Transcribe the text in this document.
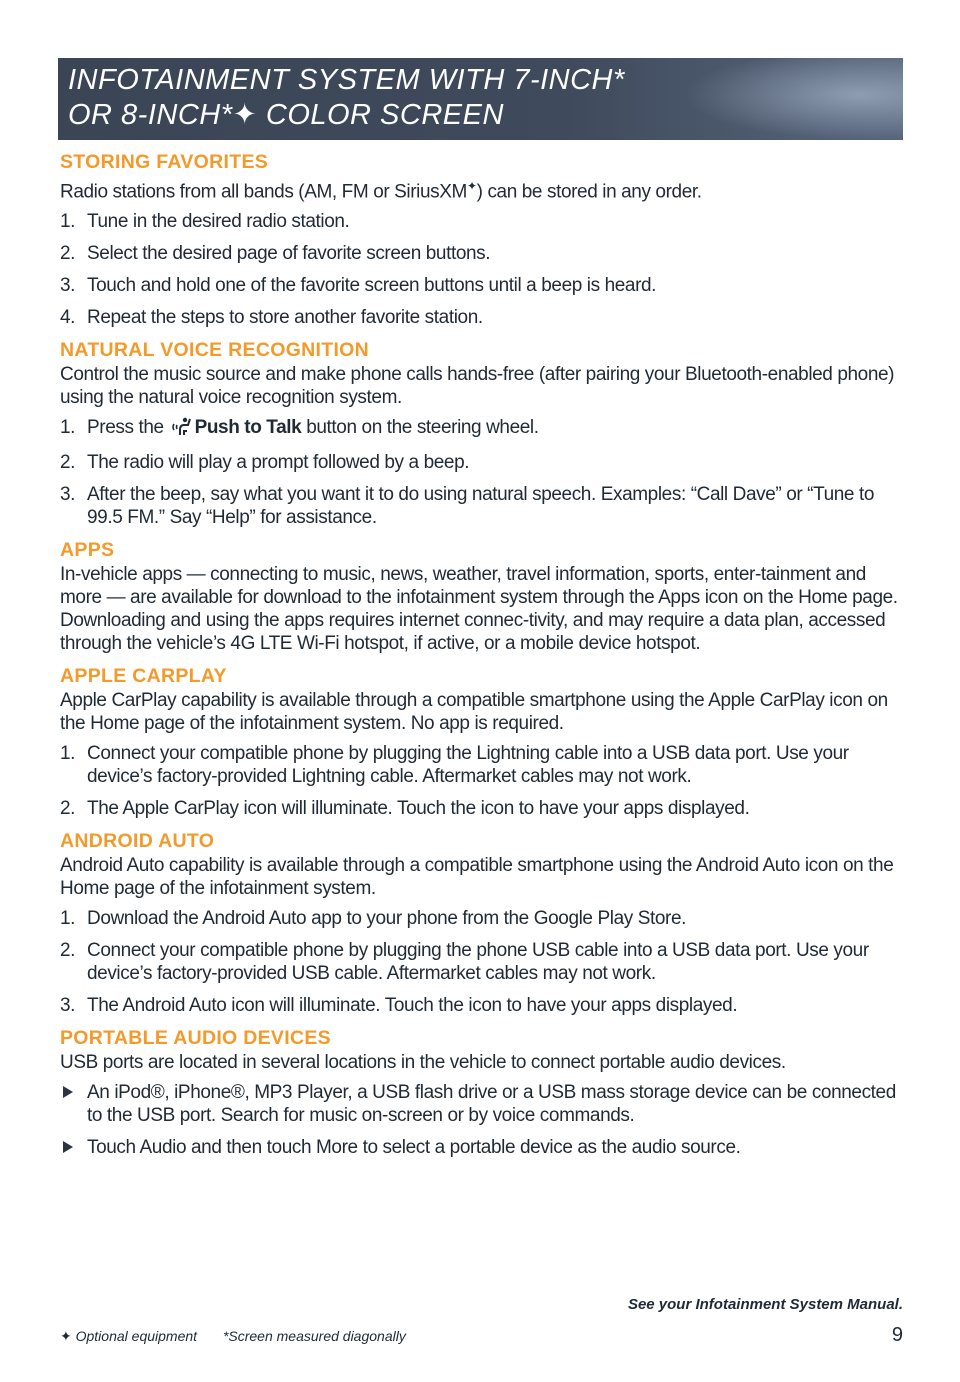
INFOTAINMENT SYSTEM WITH 7-INCH*
OR 8-INCH*✦ COLOR SCREEN
STORING FAVORITES

Radio stations from all bands (AM, FM or SiriusXM✦) can be stored in any order.

1. Tune in the desired radio station.
2. Select the desired page of favorite screen buttons.
3. Touch and hold one of the favorite screen buttons until a beep is heard.
4. Repeat the steps to store another favorite station.
NATURAL VOICE RECOGNITION

Control the music source and make phone calls hands-free (after pairing your Bluetooth-enabled phone) using the natural voice recognition system.

1. Press the Push to Talk button on the steering wheel.
2. The radio will play a prompt followed by a beep.
3. After the beep, say what you want it to do using natural speech. Examples: “Call Dave” or “Tune to 99.5 FM.” Say “Help” for assistance.
APPS

In-vehicle apps — connecting to music, news, weather, travel information, sports, enter-tainment and more — are available for download to the infotainment system through the Apps icon on the Home page. Downloading and using the apps requires internet connec-tivity, and may require a data plan, accessed through the vehicle’s 4G LTE Wi-Fi hotspot, if active, or a mobile device hotspot.

APPLE CARPLAY

Apple CarPlay capability is available through a compatible smartphone using the Apple CarPlay icon on the Home page of the infotainment system. No app is required.

1. Connect your compatible phone by plugging the Lightning cable into a USB data port. Use your device’s factory-provided Lightning cable. Aftermarket cables may not work.
2. The Apple CarPlay icon will illuminate. Touch the icon to have your apps displayed.
ANDROID AUTO

Android Auto capability is available through a compatible smartphone using the Android Auto icon on the Home page of the infotainment system.

1. Download the Android Auto app to your phone from the Google Play Store.
2. Connect your compatible phone by plugging the phone USB cable into a USB data port. Use your device’s factory-provided USB cable. Aftermarket cables may not work.
3. The Android Auto icon will illuminate. Touch the icon to have your apps displayed.
PORTABLE AUDIO DEVICES

USB ports are located in several locations in the vehicle to connect portable audio devices.

An iPod®, iPhone®, MP3 Player, a USB flash drive or a USB mass storage device can be connected to the USB port. Search for music on-screen or by voice commands.
Touch Audio and then touch More to select a portable device as the audio source.
See your Infotainment System Manual.
✦ Optional equipment *Screen measured diagonally	9
